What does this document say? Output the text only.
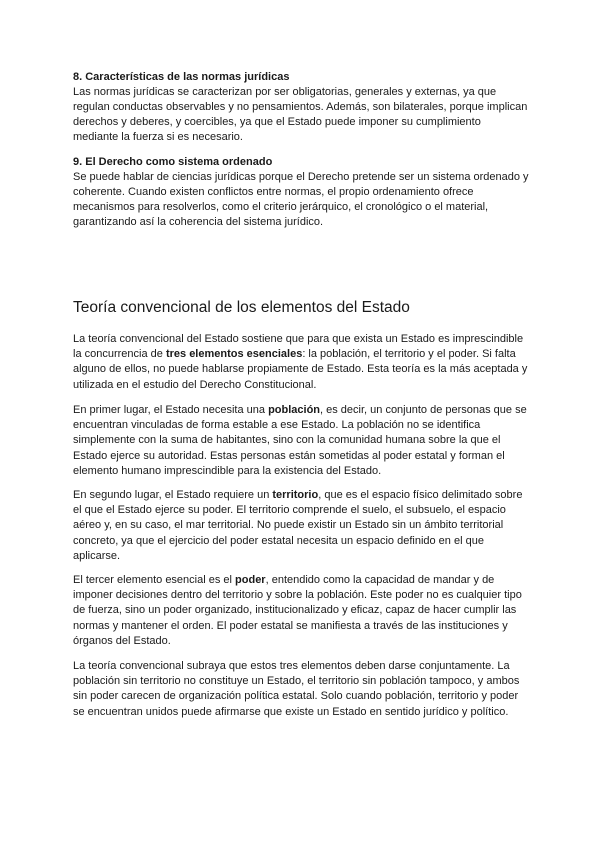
8. Características de las normas jurídicas

Las normas jurídicas se caracterizan por ser obligatorias, generales y externas, ya que regulan conductas observables y no pensamientos. Además, son bilaterales, porque implican derechos y deberes, y coercibles, ya que el Estado puede imponer su cumplimiento mediante la fuerza si es necesario.

9. El Derecho como sistema ordenado

Se puede hablar de ciencias jurídicas porque el Derecho pretende ser un sistema ordenado y coherente. Cuando existen conflictos entre normas, el propio ordenamiento ofrece mecanismos para resolverlos, como el criterio jerárquico, el cronológico o el material, garantizando así la coherencia del sistema jurídico.

Teoría convencional de los elementos del Estado

La teoría convencional del Estado sostiene que para que exista un Estado es imprescindible la concurrencia de tres elementos esenciales: la población, el territorio y el poder. Si falta alguno de ellos, no puede hablarse propiamente de Estado. Esta teoría es la más aceptada y utilizada en el estudio del Derecho Constitucional.

En primer lugar, el Estado necesita una población, es decir, un conjunto de personas que se encuentran vinculadas de forma estable a ese Estado. La población no se identifica simplemente con la suma de habitantes, sino con la comunidad humana sobre la que el Estado ejerce su autoridad. Estas personas están sometidas al poder estatal y forman el elemento humano imprescindible para la existencia del Estado.

En segundo lugar, el Estado requiere un territorio, que es el espacio físico delimitado sobre el que el Estado ejerce su poder. El territorio comprende el suelo, el subsuelo, el espacio aéreo y, en su caso, el mar territorial. No puede existir un Estado sin un ámbito territorial concreto, ya que el ejercicio del poder estatal necesita un espacio definido en el que aplicarse.

El tercer elemento esencial es el poder, entendido como la capacidad de mandar y de imponer decisiones dentro del territorio y sobre la población. Este poder no es cualquier tipo de fuerza, sino un poder organizado, institucionalizado y eficaz, capaz de hacer cumplir las normas y mantener el orden. El poder estatal se manifiesta a través de las instituciones y órganos del Estado.

La teoría convencional subraya que estos tres elementos deben darse conjuntamente. La población sin territorio no constituye un Estado, el territorio sin población tampoco, y ambos sin poder carecen de organización política estatal. Solo cuando población, territorio y poder se encuentran unidos puede afirmarse que existe un Estado en sentido jurídico y político.
